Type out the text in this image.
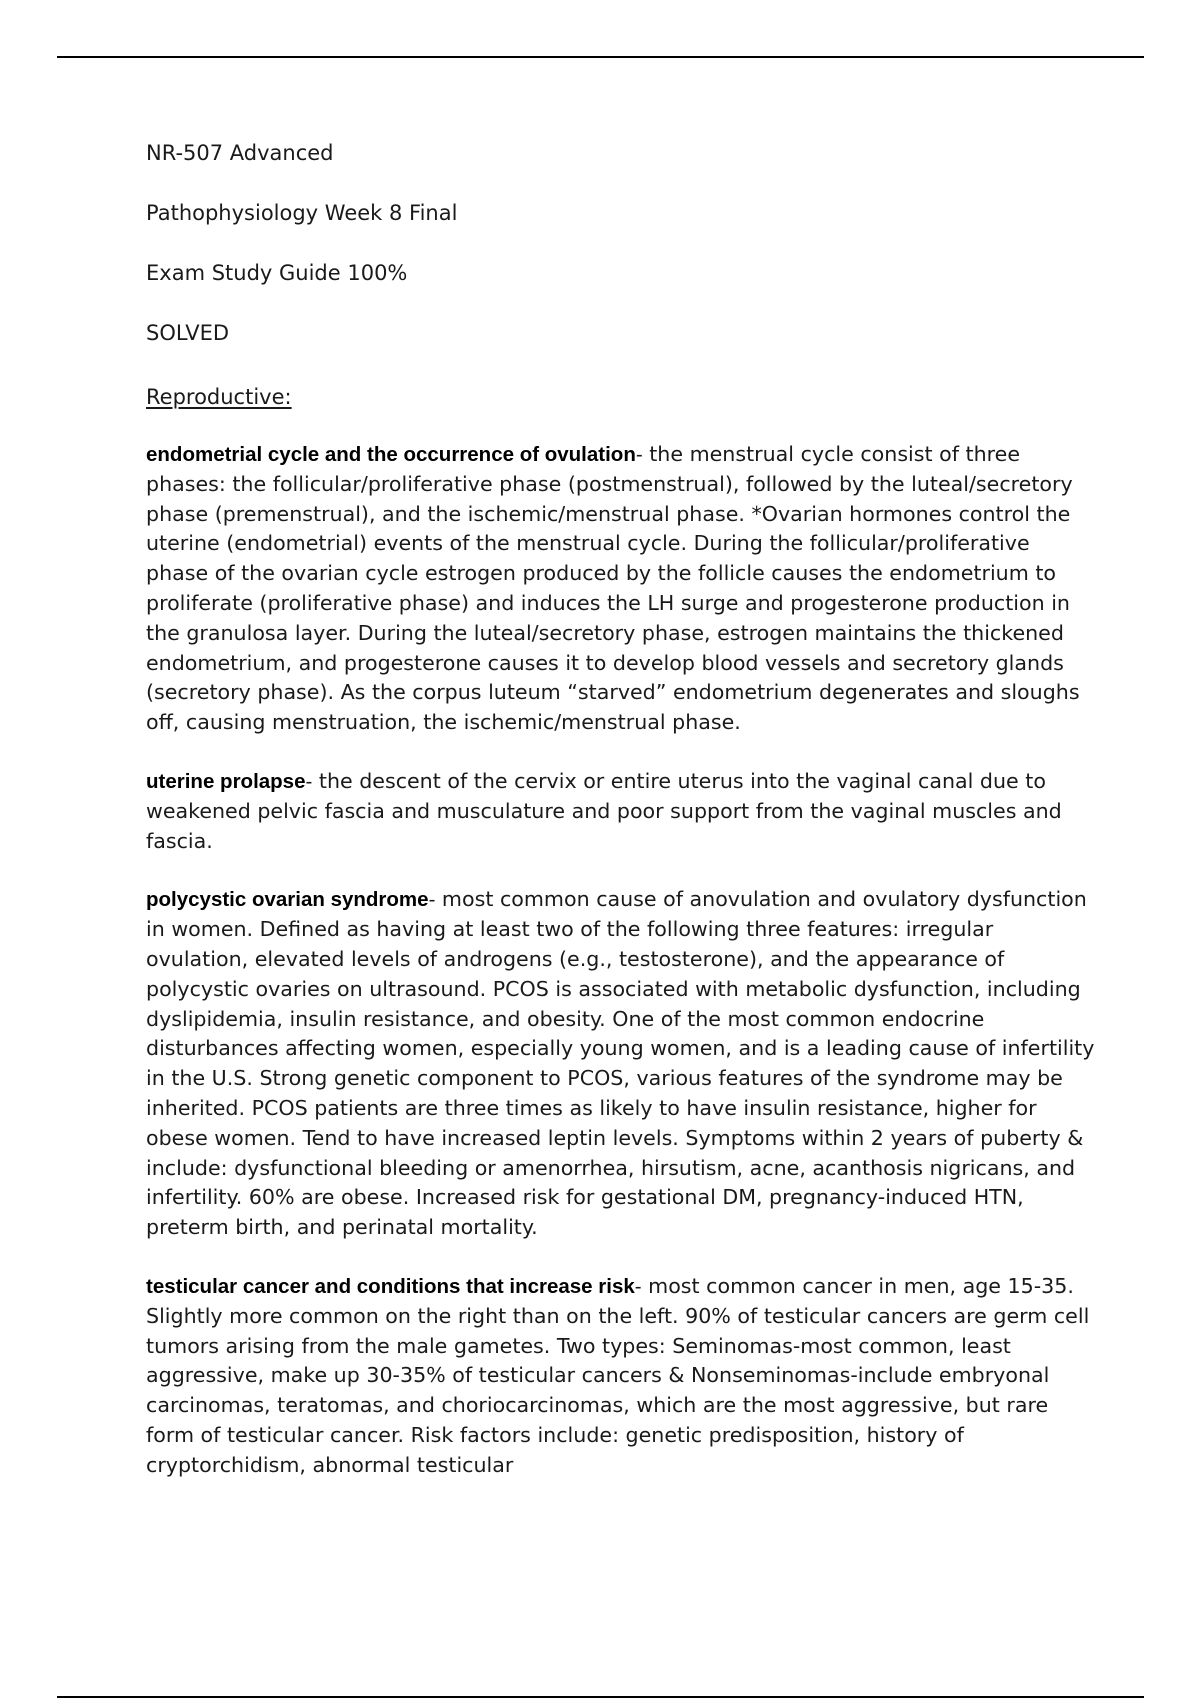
NR-507 Advanced
Pathophysiology Week 8 Final
Exam Study Guide 100%
SOLVED
Reproductive:

endometrial cycle and the occurrence of ovulation- the menstrual cycle consist of three phases: the follicular/proliferative phase (postmenstrual), followed by the luteal/secretory phase (premenstrual), and the ischemic/menstrual phase. *Ovarian hormones control the uterine (endometrial) events of the menstrual cycle. During the follicular/proliferative phase of the ovarian cycle estrogen produced by the follicle causes the endometrium to proliferate (proliferative phase) and induces the LH surge and progesterone production in the granulosa layer. During the luteal/secretory phase, estrogen maintains the thickened endometrium, and progesterone causes it to develop blood vessels and secretory glands (secretory phase). As the corpus luteum “starved” endometrium degenerates and sloughs off, causing menstruation, the ischemic/menstrual phase.

uterine prolapse- the descent of the cervix or entire uterus into the vaginal canal due to weakened pelvic fascia and musculature and poor support from the vaginal muscles and fascia.

polycystic ovarian syndrome- most common cause of anovulation and ovulatory dysfunction in women. Defined as having at least two of the following three features: irregular ovulation, elevated levels of androgens (e.g., testosterone), and the appearance of polycystic ovaries on ultrasound. PCOS is associated with metabolic dysfunction, including dyslipidemia, insulin resistance, and obesity. One of the most common endocrine disturbances affecting women, especially young women, and is a leading cause of infertility in the U.S. Strong genetic component to PCOS, various features of the syndrome may be inherited. PCOS patients are three times as likely to have insulin resistance, higher for obese women. Tend to have increased leptin levels. Symptoms within 2 years of puberty & include: dysfunctional bleeding or amenorrhea, hirsutism, acne, acanthosis nigricans, and infertility. 60% are obese. Increased risk for gestational DM, pregnancy-induced HTN, preterm birth, and perinatal mortality.

testicular cancer and conditions that increase risk- most common cancer in men, age 15-35. Slightly more common on the right than on the left. 90% of testicular cancers are germ cell tumors arising from the male gametes. Two types: Seminomas-most common, least aggressive, make up 30-35% of testicular cancers & Nonseminomas-include embryonal carcinomas, teratomas, and choriocarcinomas, which are the most aggressive, but rare form of testicular cancer. Risk factors include: genetic predisposition, history of cryptorchidism, abnormal testicular
